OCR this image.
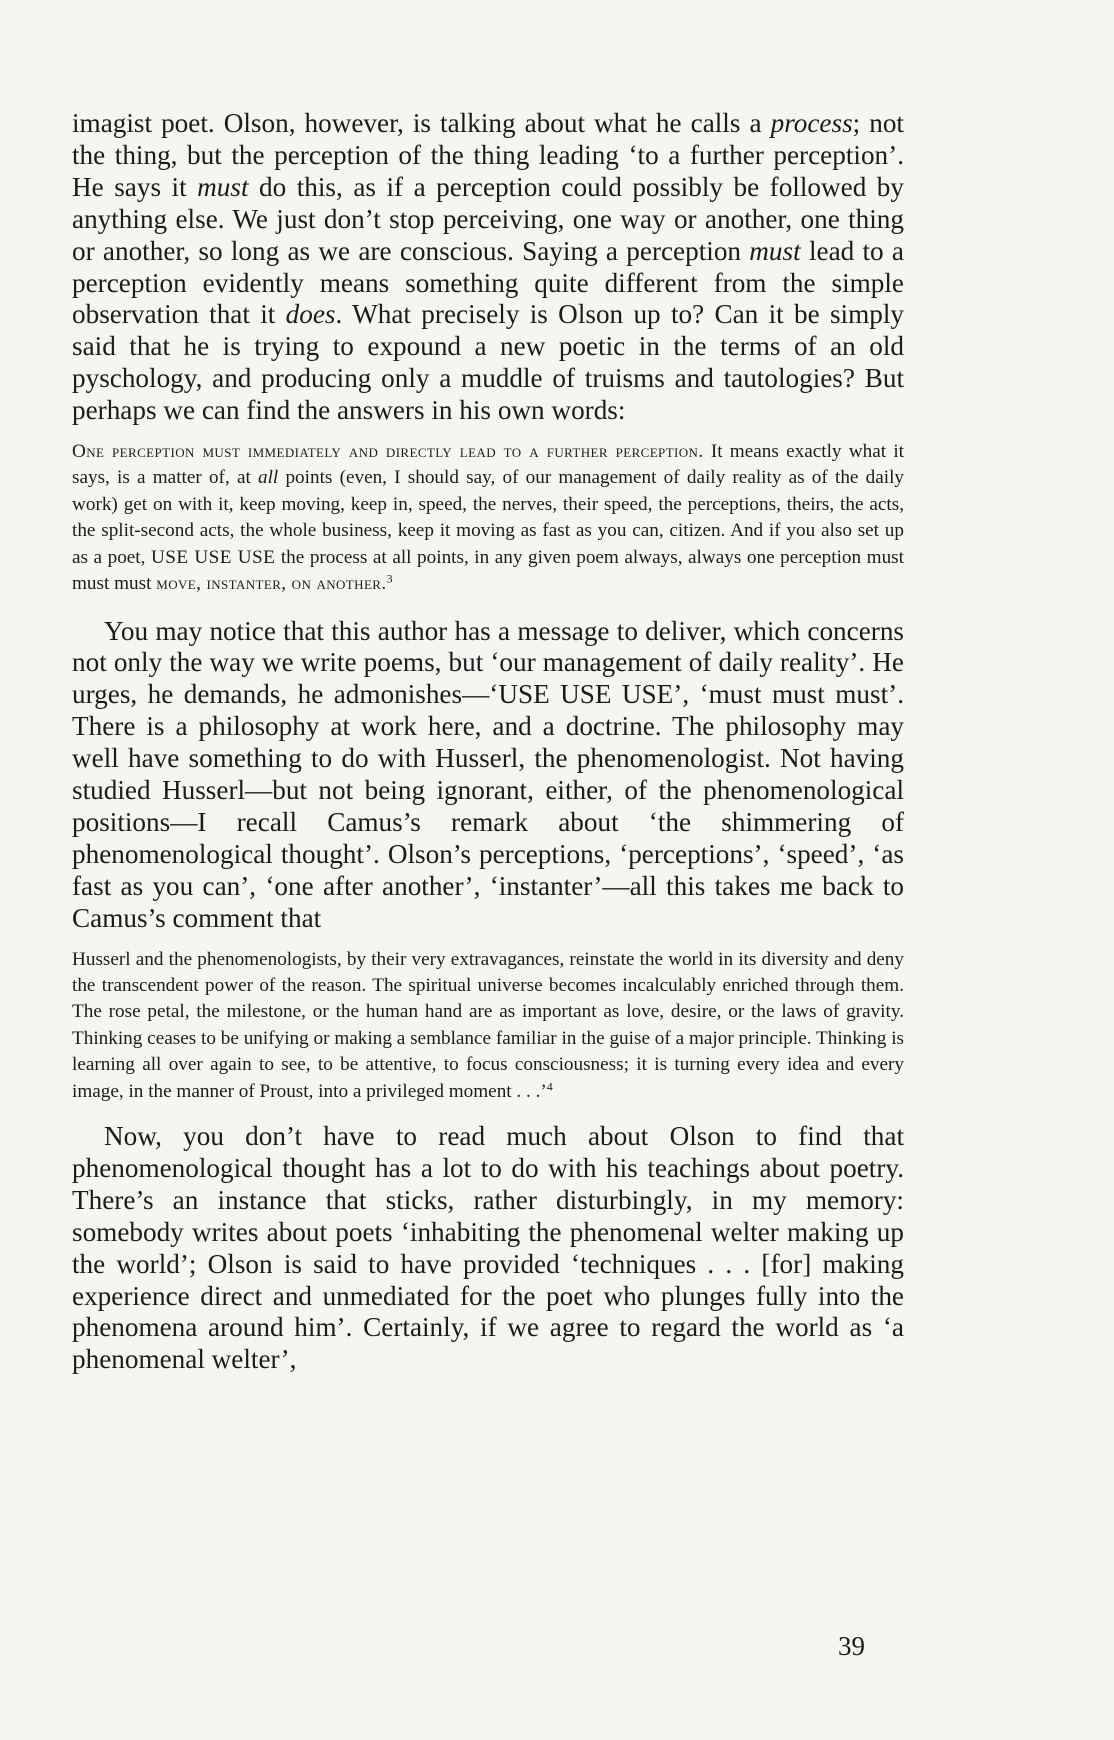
imagist poet. Olson, however, is talking about what he calls a process; not the thing, but the perception of the thing leading ‘to a further perception’. He says it must do this, as if a perception could possibly be followed by anything else. We just don’t stop perceiving, one way or another, one thing or another, so long as we are conscious. Saying a perception must lead to a perception evidently means something quite different from the simple observation that it does. What precisely is Olson up to? Can it be simply said that he is trying to expound a new poetic in the terms of an old pyschology, and producing only a muddle of truisms and tautologies? But perhaps we can find the answers in his own words:

One perception must immediately and directly lead to a further perception. It means exactly what it says, is a matter of, at all points (even, I should say, of our management of daily reality as of the daily work) get on with it, keep moving, keep in, speed, the nerves, their speed, the perceptions, theirs, the acts, the split-second acts, the whole business, keep it moving as fast as you can, citizen. And if you also set up as a poet, USE USE USE the process at all points, in any given poem always, always one perception must must must move, instanter, on another.$^3$

You may notice that this author has a message to deliver, which concerns not only the way we write poems, but ‘our management of daily reality’. He urges, he demands, he admonishes—‘USE USE USE’, ‘must must must’. There is a philosophy at work here, and a doctrine. The philosophy may well have something to do with Husserl, the phenomenologist. Not having studied Husserl—but not being ignorant, either, of the phenomenological positions—I recall Camus’s remark about ‘the shimmering of phenomenological thought’. Olson’s perceptions, ‘perceptions’, ‘speed’, ‘as fast as you can’, ‘one after another’, ‘instanter’—all this takes me back to Camus’s comment that

Husserl and the phenomenologists, by their very extravagances, reinstate the world in its diversity and deny the transcendent power of the reason. The spiritual universe becomes incalculably enriched through them. The rose petal, the milestone, or the human hand are as important as love, desire, or the laws of gravity. Thinking ceases to be unifying or making a semblance familiar in the guise of a major principle. Thinking is learning all over again to see, to be attentive, to focus consciousness; it is turning every idea and every image, in the manner of Proust, into a privileged moment . . .’$^4$

Now, you don’t have to read much about Olson to find that phenomenological thought has a lot to do with his teachings about poetry. There’s an instance that sticks, rather disturbingly, in my memory: somebody writes about poets ‘inhabiting the phenomenal welter making up the world’; Olson is said to have provided ‘techniques . . . [for] making experience direct and unmediated for the poet who plunges fully into the phenomena around him’. Certainly, if we agree to regard the world as ‘a phenomenal welter’,

39
